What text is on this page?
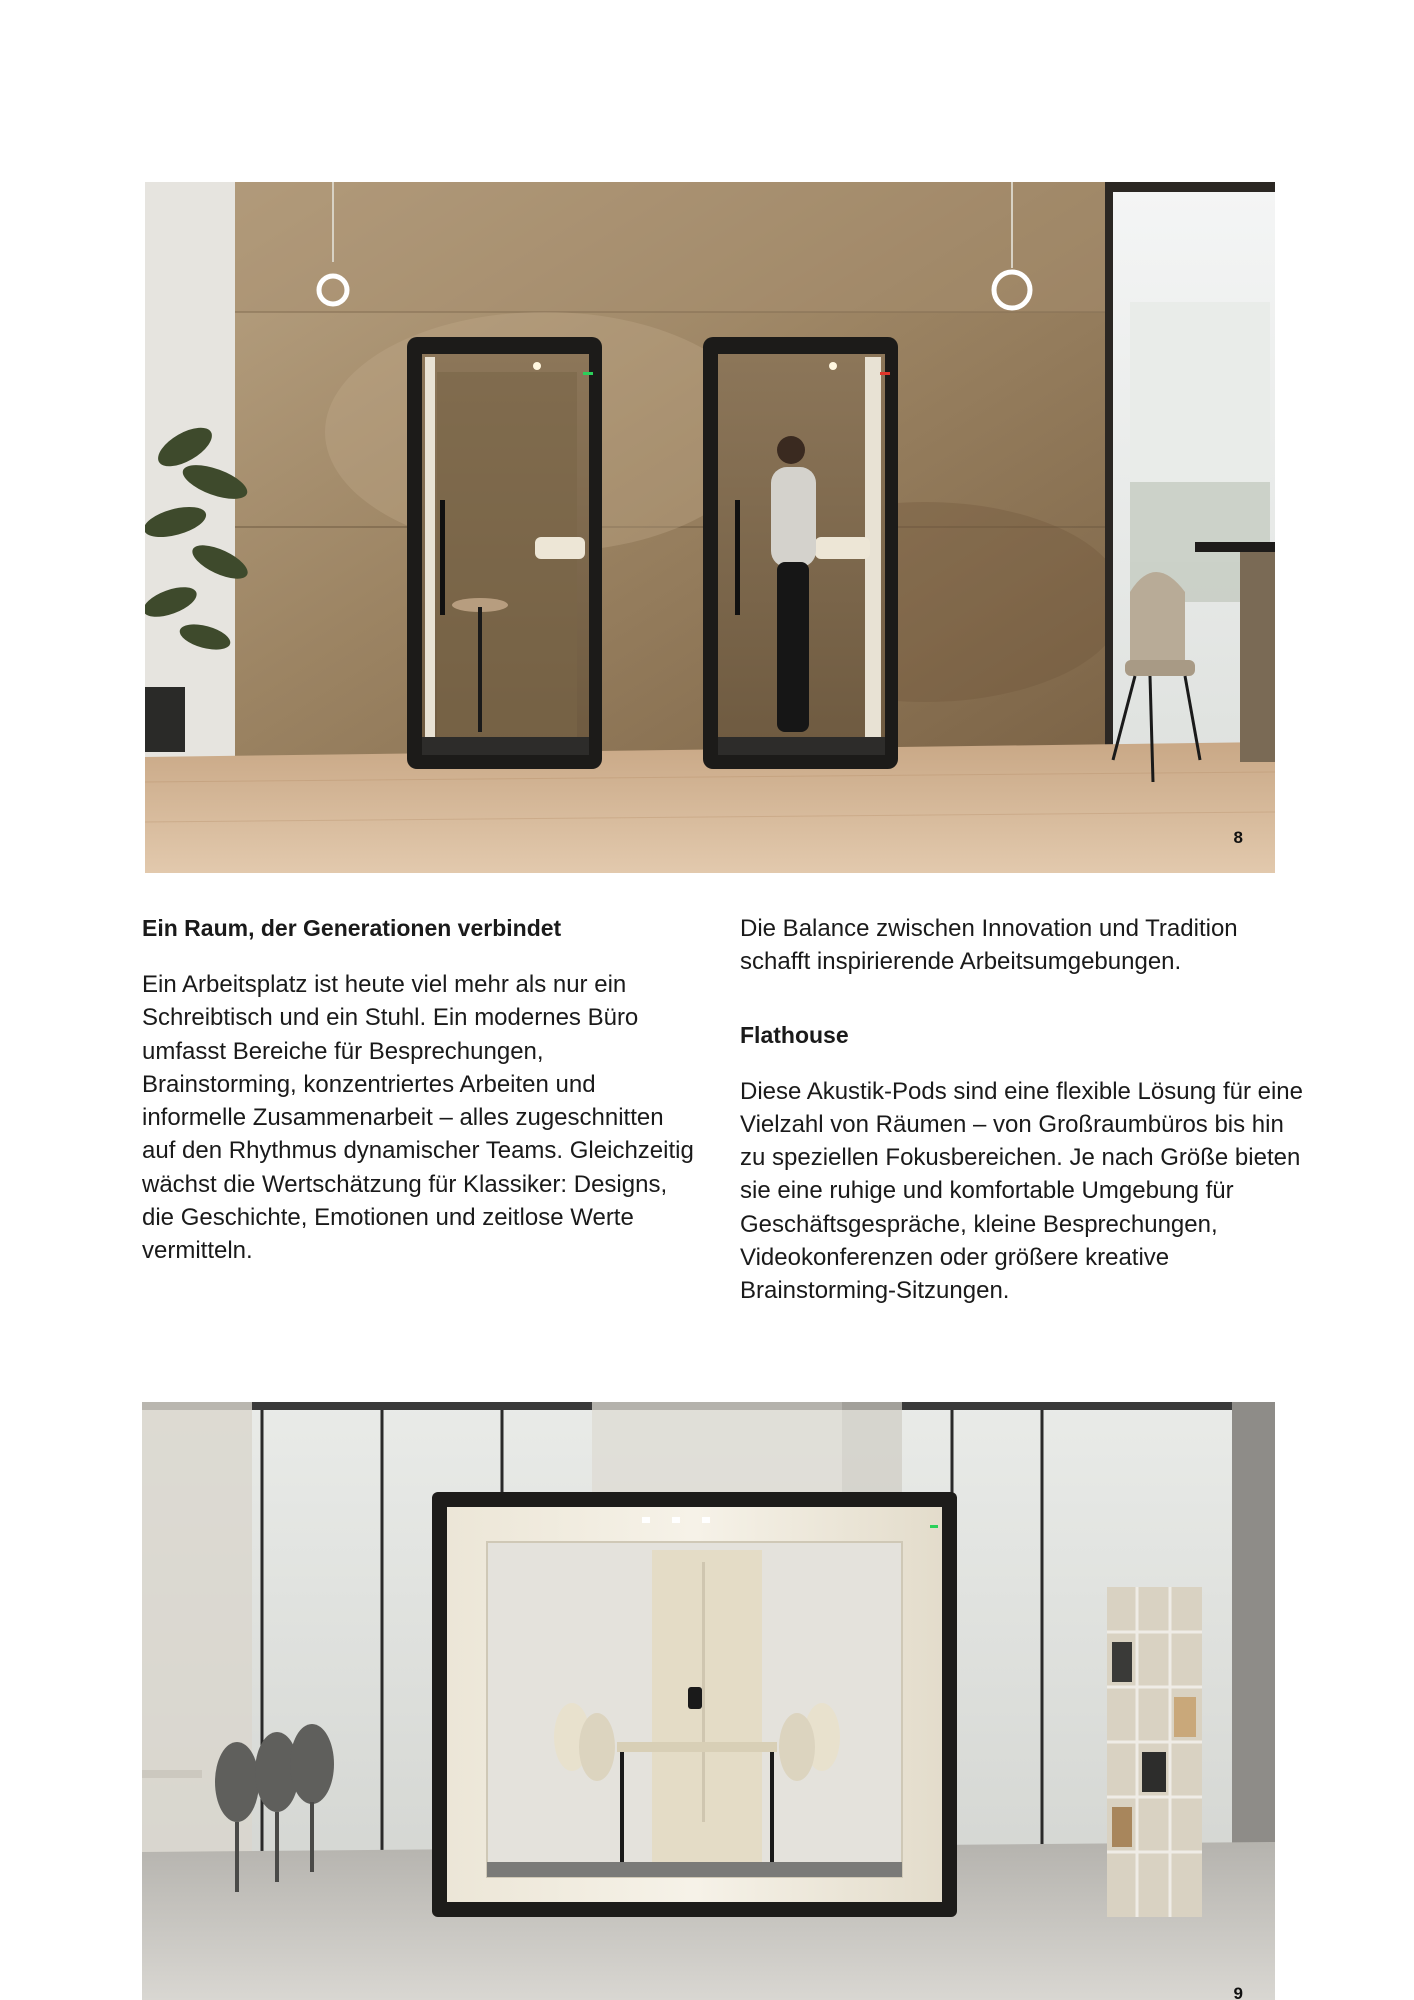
8
Ein Raum, der Generationen verbindet

Ein Arbeitsplatz ist heute viel mehr als nur ein Schreibtisch und ein Stuhl. Ein modernes Büro umfasst Bereiche für Besprechungen, Brainstorming, konzentriertes Arbeiten und informelle Zusammenarbeit – alles zugeschnitten auf den Rhythmus dynamischer Teams. Gleichzeitig wächst die Wertschätzung für Klassiker: Designs, die Geschichte, Emotionen und zeitlose Werte vermitteln.

Die Balance zwischen Innovation und Tradition schafft inspirierende Arbeitsumgebungen.

Flathouse

Diese Akustik-Pods sind eine flexible Lösung für eine Vielzahl von Räumen – von Großraumbüros bis hin zu speziellen Fokusbereichen. Je nach Größe bieten sie eine ruhige und komfortable Umgebung für Geschäftsgespräche, kleine Besprechungen, Videokonferenzen oder größere kreative Brainstorming-Sitzungen.

9
